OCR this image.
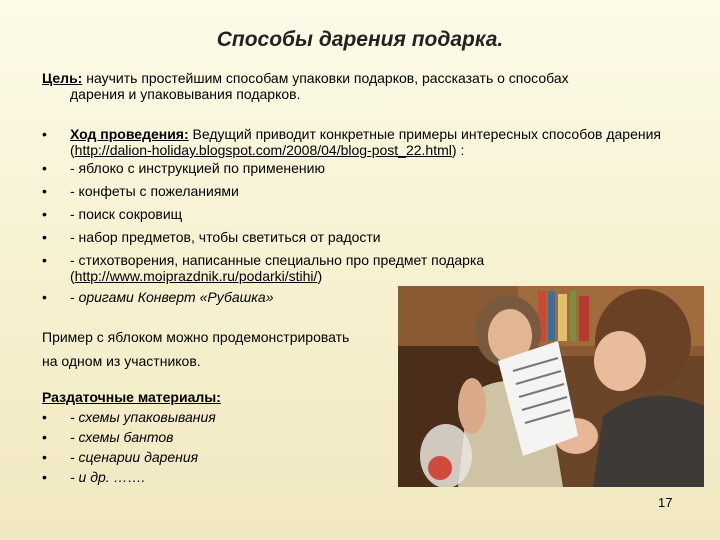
Способы дарения подарка.
Цель: научить простейшим способам упаковки подарков, рассказать о способах
дарения и упаковывания подарков.
• Ход проведения: Ведущий приводит конкретные примеры интересных способов дарения (http://dalion-holiday.blogspot.com/2008/04/blog-post_22.html) :
• - яблоко с инструкцией по применению
• - конфеты с пожеланиями
• - поиск сокровищ
• - набор предметов, чтобы светиться от радости
• - стихотворения, написанные специально про предмет подарка
(http://www.moiprazdnik.ru/podarki/stihi/)
• - оригами Конверт «Рубашка»
Пример с яблоком можно продемонстрировать
на одном из участников.
Раздаточные материалы:
• - схемы упаковывания
• - схемы бантов
• - сценарии дарения
• - и др. …….
17
